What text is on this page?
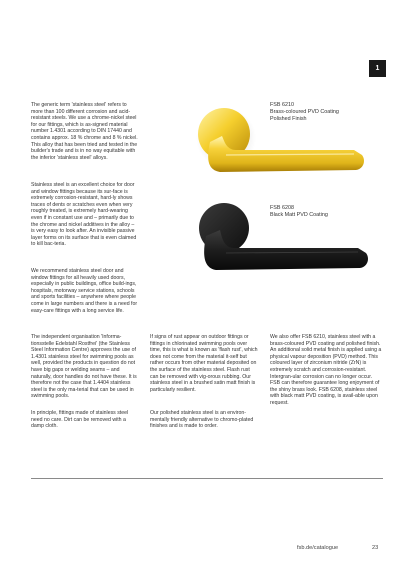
1

The generic term 'stainless steel' refers to more than 100 different corrosion and acid-resistant steels. We use a chrome-nickel steel for our fittings, which is as-signed material number 1.4301 according to DIN 17440 and contains approx. 18 % chrome and 8 % nickel. This alloy that has been tried and tested in the builder's trade and is in no way equitable with the inferior 'stainless steel' alloys.

Stainless steel is an excellent choice for door and window fittings because its sur-face is extremely corrosion-resistant, hard-ly shows traces of dents or scratches even when very roughly treated, is extremely hard-wearing even if in constant use and – primarily due to the chrome and nickel additives in the alloy – is very easy to look after. An invisible passive layer forms on its surface that is even claimed to kill bac-teria.

We recommend stainless steel door and window fittings for all heavily used doors, especially in public buildings, office build-ings, hospitals, motorway service stations, schools and sports facilities – anywhere where people come in large numbers and there is a need for easy-care fittings with a long service life.

The independent organisation 'Informa-tionsstelle Edelstahl Rostfrei' (the Stainless Steel Information Centre) approves the use of 1.4301 stainless steel for swimming pools as well, provided the products in question do not have big gaps or welding seams – and naturally, door handles do not have these. It is therefore not the case that 1.4404 stainless steel is the only ma-terial that can be used in swimming pools.

In principle, fittings made of stainless steel need no care. Dirt can be removed with a damp cloth.

If signs of rust appear on outdoor fittings or fittings in chlorinated swimming pools over time, this is what is known as 'flash rust', which does not come from the material it-self but rather occurs from other material deposited on the surface of the stainless steel. Flash rust can be removed with vig-orous rubbing. Our stainless steel in a brushed satin matt finish is particularly resilient.

Our polished stainless steel is an environ-mentally friendly alternative to chromo-plated finishes and is made to order.

We also offer FSB 6210, stainless steel with a brass-coloured PVD coating and polished finish. An additional solid metal finish is applied using a physical vapour deposition (PVD) method. This coloured layer of zirconium nitride (ZrN) is extremely scratch and corrosion-resistant. Intergran-ular corrosion can no longer occur. FSB can therefore guarantee long enjoyment of the shiny brass look. FSB 6208, stainless steel with black matt PVD coating, is avail-able upon request.

FSB 6210
Brass-coloured PVD Coating
Polished Finish
FSB 6208
Black Matt PVD Coating
fsb.de/catalogue	23
